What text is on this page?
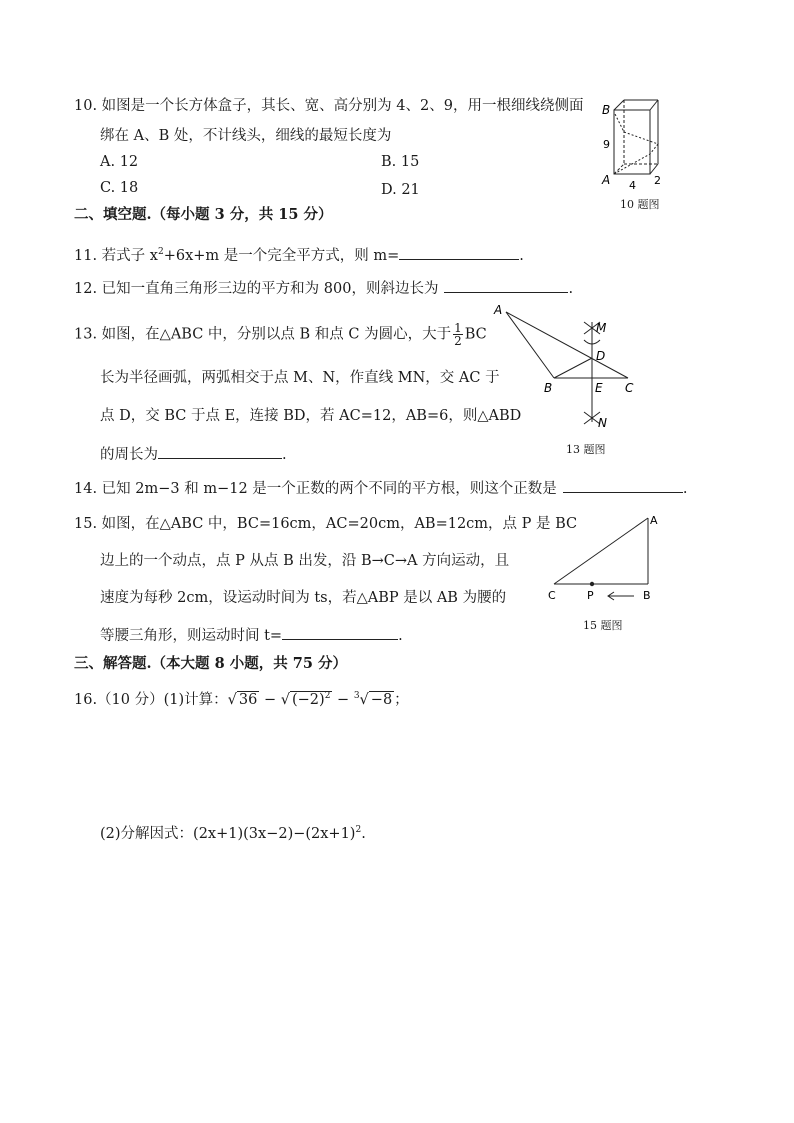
10. 如图是一个长方体盒子，其长、宽、高分别为 4、2、9，用一根细线绕侧面
绑在 A、B 处，不计线头，细线的最短长度为
A. 12	B. 15
C. 18	D. 21
B
9
A 4 2
10 题图
二、填空题.（每小题 3 分，共 15 分）
11. 若式子 $x^2+6x+m$ 是一个完全平方式，则 m=	.
12. 已知一直角三角形三边的平方和为 800，则斜边长为	.
13. 如图，在△ABC 中，分别以点 B 和点 C 为圆心，大于 $\frac{1}{2}$ BC
长为半径画弧，两弧相交于点 M、N，作直线 MN，交 AC 于
点 D，交 BC 于点 E，连接 BD，若 AC=12，AB=6，则△ABD
的周长为	.
A
M
D
B	E C
N
13 题图
14. 已知 2m−3 和 m−12 是一个正数的两个不同的平方根，则这个正数是	.
15. 如图，在△ABC 中，BC=16cm，AC=20cm，AB=12cm，点 P 是 BC
边上的一个动点，点 P 从点 B 出发，沿 B→C→A 方向运动，且
速度为每秒 2cm，设运动时间为 ts，若△ABP 是以 AB 为腰的
等腰三角形，则运动时间 t=	.
A
C	P	B
15 题图
三、解答题.（本大题 8 小题，共 75 分）
16.（10 分）(1)计算：√ 36 − √ $(-2)^2 - ^3√ -8$ ；
(2)分解因式：$(2x+1)(3x-2)-(2x+1)^2$.
